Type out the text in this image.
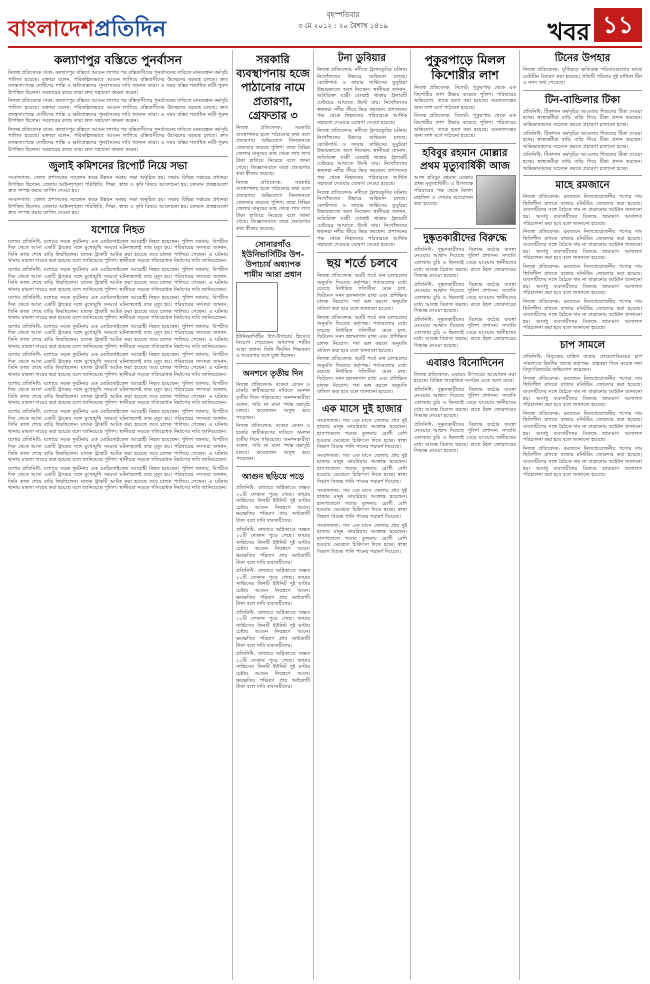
বাংলাদেশপ্রতিদিন
বৃহস্পতিবার
৩ মে ২০১২ : ২০ বৈশাখ ১৪১৯	খবর ১১
কল্যাণপুর বস্তিতে পুনর্বাসন
নিজস্ব প্রতিবেদক ঢাকা: কল্যাণপুর বস্তিতে আগুন লাগার পর বস্তিবাসীদের পুনর্বাসনের দাবিতে মানববন্ধন কর্মসূচি পালিত হয়েছে। বক্তারা বলেন, পরিকল্পিতভাবে আগুন লাগিয়ে বস্তিবাসীদের উচ্ছেদের ষড়যন্ত্র চলছে। দ্রুত তদন্তসাপেক্ষে দোষীদের শাস্তি ও ক্ষতিগ্রস্তদের পুনর্বাসনের দাবি জানান তারা। এ সময় বস্তির শতাধিক নারী-পুরুষ উপস্থিত ছিলেন। সরকারের কাছে তারা দ্রুত সহায়তা কামনা করেন।
নিজস্ব প্রতিবেদক ঢাকা: কল্যাণপুর বস্তিতে আগুন লাগার পর বস্তিবাসীদের পুনর্বাসনের দাবিতে মানববন্ধন কর্মসূচি পালিত হয়েছে। বক্তারা বলেন, পরিকল্পিতভাবে আগুন লাগিয়ে বস্তিবাসীদের উচ্ছেদের ষড়যন্ত্র চলছে। দ্রুত তদন্তসাপেক্ষে দোষীদের শাস্তি ও ক্ষতিগ্রস্তদের পুনর্বাসনের দাবি জানান তারা। এ সময় বস্তির শতাধিক নারী-পুরুষ উপস্থিত ছিলেন। সরকারের কাছে তারা দ্রুত সহায়তা কামনা করেন।
নিজস্ব প্রতিবেদক ঢাকা: কল্যাণপুর বস্তিতে আগুন লাগার পর বস্তিবাসীদের পুনর্বাসনের দাবিতে মানববন্ধন কর্মসূচি পালিত হয়েছে। বক্তারা বলেন, পরিকল্পিতভাবে আগুন লাগিয়ে বস্তিবাসীদের উচ্ছেদের ষড়যন্ত্র চলছে। দ্রুত তদন্তসাপেক্ষে দোষীদের শাস্তি ও ক্ষতিগ্রস্তদের পুনর্বাসনের দাবি জানান তারা। এ সময় বস্তির শতাধিক নারী-পুরুষ উপস্থিত ছিলেন। সরকারের কাছে তারা দ্রুত সহায়তা কামনা করেন।
জুলাই কমিশনের রিপোর্ট নিয়ে সভা
সংবাদদাতা: জেলা প্রশাসকের সম্মেলন কক্ষে উন্নয়ন সমন্বয় সভা অনুষ্ঠিত হয়। সভায় বিভিন্ন দপ্তরের প্রধানরা উপস্থিত ছিলেন। জেলার আইনশৃঙ্খলা পরিস্থিতি, শিক্ষা, স্বাস্থ্য ও কৃষি বিষয়ে আলোচনা হয়। চলমান প্রকল্পগুলো দ্রুত সম্পন্ন করার তাগিদ দেওয়া হয়।
সংবাদদাতা: জেলা প্রশাসকের সম্মেলন কক্ষে উন্নয়ন সমন্বয় সভা অনুষ্ঠিত হয়। সভায় বিভিন্ন দপ্তরের প্রধানরা উপস্থিত ছিলেন। জেলার আইনশৃঙ্খলা পরিস্থিতি, শিক্ষা, স্বাস্থ্য ও কৃষি বিষয়ে আলোচনা হয়। চলমান প্রকল্পগুলো দ্রুত সম্পন্ন করার তাগিদ দেওয়া হয়।
যশোরে নিহত
যশোর প্রতিনিধি: যশোরে সড়ক দুর্ঘটনায় এক মোটরসাইকেল আরোহী নিহত হয়েছেন। পুলিশ জানায়, বিপরীত দিক থেকে আসা একটি ট্রাকের সঙ্গে মুখোমুখি সংঘর্ষে ঘটনাস্থলেই তার মৃত্যু হয়। পরিবারের সদস্যরা জানান, তিনি কাজ শেষে বাড়ি ফিরছিলেন। ঘাতক ট্রাকটি আটক করা হয়েছে তবে চালক পালিয়ে গেছেন। এ ঘটনায় থানায় মামলা দায়ের করা হয়েছে বলে জানিয়েছে পুলিশ। স্থানীয়রা সড়কে গতিরোধক নির্মাণের দাবি জানিয়েছেন।
যশোর প্রতিনিধি: যশোরে সড়ক দুর্ঘটনায় এক মোটরসাইকেল আরোহী নিহত হয়েছেন। পুলিশ জানায়, বিপরীত দিক থেকে আসা একটি ট্রাকের সঙ্গে মুখোমুখি সংঘর্ষে ঘটনাস্থলেই তার মৃত্যু হয়। পরিবারের সদস্যরা জানান, তিনি কাজ শেষে বাড়ি ফিরছিলেন। ঘাতক ট্রাকটি আটক করা হয়েছে তবে চালক পালিয়ে গেছেন। এ ঘটনায় থানায় মামলা দায়ের করা হয়েছে বলে জানিয়েছে পুলিশ। স্থানীয়রা সড়কে গতিরোধক নির্মাণের দাবি জানিয়েছেন।
যশোর প্রতিনিধি: যশোরে সড়ক দুর্ঘটনায় এক মোটরসাইকেল আরোহী নিহত হয়েছেন। পুলিশ জানায়, বিপরীত দিক থেকে আসা একটি ট্রাকের সঙ্গে মুখোমুখি সংঘর্ষে ঘটনাস্থলেই তার মৃত্যু হয়। পরিবারের সদস্যরা জানান, তিনি কাজ শেষে বাড়ি ফিরছিলেন। ঘাতক ট্রাকটি আটক করা হয়েছে তবে চালক পালিয়ে গেছেন। এ ঘটনায় থানায় মামলা দায়ের করা হয়েছে বলে জানিয়েছে পুলিশ। স্থানীয়রা সড়কে গতিরোধক নির্মাণের দাবি জানিয়েছেন।
যশোর প্রতিনিধি: যশোরে সড়ক দুর্ঘটনায় এক মোটরসাইকেল আরোহী নিহত হয়েছেন। পুলিশ জানায়, বিপরীত দিক থেকে আসা একটি ট্রাকের সঙ্গে মুখোমুখি সংঘর্ষে ঘটনাস্থলেই তার মৃত্যু হয়। পরিবারের সদস্যরা জানান, তিনি কাজ শেষে বাড়ি ফিরছিলেন। ঘাতক ট্রাকটি আটক করা হয়েছে তবে চালক পালিয়ে গেছেন। এ ঘটনায় থানায় মামলা দায়ের করা হয়েছে বলে জানিয়েছে পুলিশ। স্থানীয়রা সড়কে গতিরোধক নির্মাণের দাবি জানিয়েছেন।
যশোর প্রতিনিধি: যশোরে সড়ক দুর্ঘটনায় এক মোটরসাইকেল আরোহী নিহত হয়েছেন। পুলিশ জানায়, বিপরীত দিক থেকে আসা একটি ট্রাকের সঙ্গে মুখোমুখি সংঘর্ষে ঘটনাস্থলেই তার মৃত্যু হয়। পরিবারের সদস্যরা জানান, তিনি কাজ শেষে বাড়ি ফিরছিলেন। ঘাতক ট্রাকটি আটক করা হয়েছে তবে চালক পালিয়ে গেছেন। এ ঘটনায় থানায় মামলা দায়ের করা হয়েছে বলে জানিয়েছে পুলিশ। স্থানীয়রা সড়কে গতিরোধক নির্মাণের দাবি জানিয়েছেন।
যশোর প্রতিনিধি: যশোরে সড়ক দুর্ঘটনায় এক মোটরসাইকেল আরোহী নিহত হয়েছেন। পুলিশ জানায়, বিপরীত দিক থেকে আসা একটি ট্রাকের সঙ্গে মুখোমুখি সংঘর্ষে ঘটনাস্থলেই তার মৃত্যু হয়। পরিবারের সদস্যরা জানান, তিনি কাজ শেষে বাড়ি ফিরছিলেন। ঘাতক ট্রাকটি আটক করা হয়েছে তবে চালক পালিয়ে গেছেন। এ ঘটনায় থানায় মামলা দায়ের করা হয়েছে বলে জানিয়েছে পুলিশ। স্থানীয়রা সড়কে গতিরোধক নির্মাণের দাবি জানিয়েছেন।
যশোর প্রতিনিধি: যশোরে সড়ক দুর্ঘটনায় এক মোটরসাইকেল আরোহী নিহত হয়েছেন। পুলিশ জানায়, বিপরীত দিক থেকে আসা একটি ট্রাকের সঙ্গে মুখোমুখি সংঘর্ষে ঘটনাস্থলেই তার মৃত্যু হয়। পরিবারের সদস্যরা জানান, তিনি কাজ শেষে বাড়ি ফিরছিলেন। ঘাতক ট্রাকটি আটক করা হয়েছে তবে চালক পালিয়ে গেছেন। এ ঘটনায় থানায় মামলা দায়ের করা হয়েছে বলে জানিয়েছে পুলিশ। স্থানীয়রা সড়কে গতিরোধক নির্মাণের দাবি জানিয়েছেন।
যশোর প্রতিনিধি: যশোরে সড়ক দুর্ঘটনায় এক মোটরসাইকেল আরোহী নিহত হয়েছেন। পুলিশ জানায়, বিপরীত দিক থেকে আসা একটি ট্রাকের সঙ্গে মুখোমুখি সংঘর্ষে ঘটনাস্থলেই তার মৃত্যু হয়। পরিবারের সদস্যরা জানান, তিনি কাজ শেষে বাড়ি ফিরছিলেন। ঘাতক ট্রাকটি আটক করা হয়েছে তবে চালক পালিয়ে গেছেন। এ ঘটনায় থানায় মামলা দায়ের করা হয়েছে বলে জানিয়েছে পুলিশ। স্থানীয়রা সড়কে গতিরোধক নির্মাণের দাবি জানিয়েছেন।
যশোর প্রতিনিধি: যশোরে সড়ক দুর্ঘটনায় এক মোটরসাইকেল আরোহী নিহত হয়েছেন। পুলিশ জানায়, বিপরীত দিক থেকে আসা একটি ট্রাকের সঙ্গে মুখোমুখি সংঘর্ষে ঘটনাস্থলেই তার মৃত্যু হয়। পরিবারের সদস্যরা জানান, তিনি কাজ শেষে বাড়ি ফিরছিলেন। ঘাতক ট্রাকটি আটক করা হয়েছে তবে চালক পালিয়ে গেছেন। এ ঘটনায় থানায় মামলা দায়ের করা হয়েছে বলে জানিয়েছে পুলিশ। স্থানীয়রা সড়কে গতিরোধক নির্মাণের দাবি জানিয়েছেন।
সরকারি ব্যবস্থাপনায় হজে পাঠানোর নামে প্রতারণা, গ্রেফতার ৩
নিজস্ব প্রতিবেদক: সরকারি ব্যবস্থাপনায় হজে পাঠানোর কথা বলে প্রতারণার অভিযোগে তিনজনকে গ্রেফতার করেছে পুলিশ। তারা বিভিন্ন জেলার মানুষের কাছ থেকে লাখ লাখ টাকা হাতিয়ে নিয়েছে বলে জানা গেছে। জিজ্ঞাসাবাদে তারা প্রতারণার কথা স্বীকার করেছে।
নিজস্ব প্রতিবেদক: সরকারি ব্যবস্থাপনায় হজে পাঠানোর কথা বলে প্রতারণার অভিযোগে তিনজনকে গ্রেফতার করেছে পুলিশ। তারা বিভিন্ন জেলার মানুষের কাছ থেকে লাখ লাখ টাকা হাতিয়ে নিয়েছে বলে জানা গেছে। জিজ্ঞাসাবাদে তারা প্রতারণার কথা স্বীকার করেছে।
সোনারগাঁও ইউনিভার্সিটির উপ-উপাচার্য অধ্যাপক শামীম আরা প্রধান
ইউনিভার্সিটির উপ-উপাচার্য হিসেবে নিয়োগ পেয়েছেন অধ্যাপক শামীম আরা প্রধান। তিনি দীর্ঘদিন শিক্ষকতা ও গবেষণার সঙ্গে যুক্ত ছিলেন।
অনশনে তৃতীয় দিন
নিজস্ব প্রতিবেদক: বকেয়া বেতন ও চাকরি স্থায়ীকরণের দাবিতে অনশন তৃতীয় দিনে গড়িয়েছে। অনশনকারীরা বলেন, দাবি না মানা পর্যন্ত কর্মসূচি চলবে। কয়েকজন অসুস্থ হয়ে পড়েছেন।
নিজস্ব প্রতিবেদক: বকেয়া বেতন ও চাকরি স্থায়ীকরণের দাবিতে অনশন তৃতীয় দিনে গড়িয়েছে। অনশনকারীরা বলেন, দাবি না মানা পর্যন্ত কর্মসূচি চলবে। কয়েকজন অসুস্থ হয়ে পড়েছেন।
আগুন ছড়িয়ে পড়ে
প্রতিনিধি: বাজারে অগ্নিকাণ্ডে অন্তত ২০টি দোকান পুড়ে গেছে। ফায়ার সার্ভিসের তিনটি ইউনিট দুই ঘণ্টার চেষ্টায় আগুন নিয়ন্ত্রণে আনে। ক্ষয়ক্ষতির পরিমাণ প্রায় অর্ধকোটি টাকা বলে দাবি ব্যবসায়ীদের।
প্রতিনিধি: বাজারে অগ্নিকাণ্ডে অন্তত ২০টি দোকান পুড়ে গেছে। ফায়ার সার্ভিসের তিনটি ইউনিট দুই ঘণ্টার চেষ্টায় আগুন নিয়ন্ত্রণে আনে। ক্ষয়ক্ষতির পরিমাণ প্রায় অর্ধকোটি টাকা বলে দাবি ব্যবসায়ীদের।
প্রতিনিধি: বাজারে অগ্নিকাণ্ডে অন্তত ২০টি দোকান পুড়ে গেছে। ফায়ার সার্ভিসের তিনটি ইউনিট দুই ঘণ্টার চেষ্টায় আগুন নিয়ন্ত্রণে আনে। ক্ষয়ক্ষতির পরিমাণ প্রায় অর্ধকোটি টাকা বলে দাবি ব্যবসায়ীদের।
প্রতিনিধি: বাজারে অগ্নিকাণ্ডে অন্তত ২০টি দোকান পুড়ে গেছে। ফায়ার সার্ভিসের তিনটি ইউনিট দুই ঘণ্টার চেষ্টায় আগুন নিয়ন্ত্রণে আনে। ক্ষয়ক্ষতির পরিমাণ প্রায় অর্ধকোটি টাকা বলে দাবি ব্যবসায়ীদের।
প্রতিনিধি: বাজারে অগ্নিকাণ্ডে অন্তত ২০টি দোকান পুড়ে গেছে। ফায়ার সার্ভিসের তিনটি ইউনিট দুই ঘণ্টার চেষ্টায় আগুন নিয়ন্ত্রণে আনে। ক্ষয়ক্ষতির পরিমাণ প্রায় অর্ধকোটি টাকা বলে দাবি ব্যবসায়ীদের।
টনা ডুবিয়ার
নিজস্ব প্রতিবেদক: নদীতে ট্রলারডুবির ঘটনায় নিখোঁজদের উদ্ধারে অভিযান চলছে। কোস্টগার্ড ও ফায়ার সার্ভিসের ডুবুরিরা উদ্ধারকাজে অংশ নিচ্ছেন। স্থানীয়রা জানান, অতিরিক্ত যাত্রী বোঝাই থাকায় ট্রলারটি ঢেউয়ের আঘাতে উল্টে যায়। নিখোঁজদের স্বজনরা নদীর তীরে ভিড় করছেন। প্রশাসনের পক্ষ থেকে নিহতদের পরিবারকে আর্থিক সহায়তা দেওয়ার ঘোষণা দেওয়া হয়েছে।
নিজস্ব প্রতিবেদক: নদীতে ট্রলারডুবির ঘটনায় নিখোঁজদের উদ্ধারে অভিযান চলছে। কোস্টগার্ড ও ফায়ার সার্ভিসের ডুবুরিরা উদ্ধারকাজে অংশ নিচ্ছেন। স্থানীয়রা জানান, অতিরিক্ত যাত্রী বোঝাই থাকায় ট্রলারটি ঢেউয়ের আঘাতে উল্টে যায়। নিখোঁজদের স্বজনরা নদীর তীরে ভিড় করছেন। প্রশাসনের পক্ষ থেকে নিহতদের পরিবারকে আর্থিক সহায়তা দেওয়ার ঘোষণা দেওয়া হয়েছে।
নিজস্ব প্রতিবেদক: নদীতে ট্রলারডুবির ঘটনায় নিখোঁজদের উদ্ধারে অভিযান চলছে। কোস্টগার্ড ও ফায়ার সার্ভিসের ডুবুরিরা উদ্ধারকাজে অংশ নিচ্ছেন। স্থানীয়রা জানান, অতিরিক্ত যাত্রী বোঝাই থাকায় ট্রলারটি ঢেউয়ের আঘাতে উল্টে যায়। নিখোঁজদের স্বজনরা নদীর তীরে ভিড় করছেন। প্রশাসনের পক্ষ থেকে নিহতদের পরিবারকে আর্থিক সহায়তা দেওয়ার ঘোষণা দেওয়া হয়েছে।
ছয় শর্তে চলবে
নিজস্ব প্রতিবেদক: ছয়টি শর্তে যান চলাচলের অনুমতি দিয়েছে কর্তৃপক্ষ। শর্তগুলোর মধ্যে রয়েছে নির্ধারিত গতিসীমা মেনে চলা, ফিটনেস সনদ হালনাগাদ রাখা এবং প্রশিক্ষিত চালক নিয়োগ। শর্ত ভঙ্গ করলে অনুমতি বাতিল করা হবে বলে জানানো হয়েছে।
নিজস্ব প্রতিবেদক: ছয়টি শর্তে যান চলাচলের অনুমতি দিয়েছে কর্তৃপক্ষ। শর্তগুলোর মধ্যে রয়েছে নির্ধারিত গতিসীমা মেনে চলা, ফিটনেস সনদ হালনাগাদ রাখা এবং প্রশিক্ষিত চালক নিয়োগ। শর্ত ভঙ্গ করলে অনুমতি বাতিল করা হবে বলে জানানো হয়েছে।
নিজস্ব প্রতিবেদক: ছয়টি শর্তে যান চলাচলের অনুমতি দিয়েছে কর্তৃপক্ষ। শর্তগুলোর মধ্যে রয়েছে নির্ধারিত গতিসীমা মেনে চলা, ফিটনেস সনদ হালনাগাদ রাখা এবং প্রশিক্ষিত চালক নিয়োগ। শর্ত ভঙ্গ করলে অনুমতি বাতিল করা হবে বলে জানানো হয়েছে।
এক মাসে দুই হাজার
সংবাদদাতা: গত এক মাসে জেলায় প্রায় দুই হাজার মানুষ ডায়রিয়ায় আক্রান্ত হয়েছেন। হাসপাতালে শয্যার তুলনায় রোগী বেশি হওয়ায় মেঝেতে চিকিৎসা দিতে হচ্ছে। স্বাস্থ্য বিভাগ বিশুদ্ধ পানি পানের পরামর্শ দিয়েছে।
সংবাদদাতা: গত এক মাসে জেলায় প্রায় দুই হাজার মানুষ ডায়রিয়ায় আক্রান্ত হয়েছেন। হাসপাতালে শয্যার তুলনায় রোগী বেশি হওয়ায় মেঝেতে চিকিৎসা দিতে হচ্ছে। স্বাস্থ্য বিভাগ বিশুদ্ধ পানি পানের পরামর্শ দিয়েছে।
সংবাদদাতা: গত এক মাসে জেলায় প্রায় দুই হাজার মানুষ ডায়রিয়ায় আক্রান্ত হয়েছেন। হাসপাতালে শয্যার তুলনায় রোগী বেশি হওয়ায় মেঝেতে চিকিৎসা দিতে হচ্ছে। স্বাস্থ্য বিভাগ বিশুদ্ধ পানি পানের পরামর্শ দিয়েছে।
সংবাদদাতা: গত এক মাসে জেলায় প্রায় দুই হাজার মানুষ ডায়রিয়ায় আক্রান্ত হয়েছেন। হাসপাতালে শয্যার তুলনায় রোগী বেশি হওয়ায় মেঝেতে চিকিৎসা দিতে হচ্ছে। স্বাস্থ্য বিভাগ বিশুদ্ধ পানি পানের পরামর্শ দিয়েছে।
পুকুরপাড়ে মিলল কিশোরীর লাশ
নিজস্ব প্রতিবেদক, সিলেট: পুকুরপাড় থেকে এক কিশোরীর লাশ উদ্ধার করেছে পুলিশ। পরিবারের অভিযোগ, তাকে হত্যা করা হয়েছে। ময়নাতদন্তের জন্য লাশ মর্গে পাঠানো হয়েছে।
নিজস্ব প্রতিবেদক, সিলেট: পুকুরপাড় থেকে এক কিশোরীর লাশ উদ্ধার করেছে পুলিশ। পরিবারের অভিযোগ, তাকে হত্যা করা হয়েছে। ময়নাতদন্তের জন্য লাশ মর্গে পাঠানো হয়েছে।
হবিবুর রহমান মোল্লার প্রথম মৃত্যুবার্ষিকী আজ
আজ হবিবুর রহমান মোল্লার প্রথম মৃত্যুবার্ষিকী। এ উপলক্ষে পরিবারের পক্ষ থেকে মিলাদ মাহফিল ও দোয়ার আয়োজন করা হয়েছে।
দুষ্কৃতকারীদের বিরুদ্ধে
প্রতিনিধি: দুষ্কৃতকারীদের বিরুদ্ধে কঠোর ব্যবস্থা নেওয়ার আশ্বাস দিয়েছে পুলিশ প্রশাসন। সম্প্রতি এলাকায় চুরি ও ছিনতাই বেড়ে যাওয়ায় স্থানীয়দের মধ্যে আতঙ্ক বিরাজ করছে। রাতে টহল জোরদারের সিদ্ধান্ত নেওয়া হয়েছে।
প্রতিনিধি: দুষ্কৃতকারীদের বিরুদ্ধে কঠোর ব্যবস্থা নেওয়ার আশ্বাস দিয়েছে পুলিশ প্রশাসন। সম্প্রতি এলাকায় চুরি ও ছিনতাই বেড়ে যাওয়ায় স্থানীয়দের মধ্যে আতঙ্ক বিরাজ করছে। রাতে টহল জোরদারের সিদ্ধান্ত নেওয়া হয়েছে।
প্রতিনিধি: দুষ্কৃতকারীদের বিরুদ্ধে কঠোর ব্যবস্থা নেওয়ার আশ্বাস দিয়েছে পুলিশ প্রশাসন। সম্প্রতি এলাকায় চুরি ও ছিনতাই বেড়ে যাওয়ায় স্থানীয়দের মধ্যে আতঙ্ক বিরাজ করছে। রাতে টহল জোরদারের সিদ্ধান্ত নেওয়া হয়েছে।
এবারও বিনোদিনেন
নিজস্ব প্রতিবেদক: এবারও উৎসবের আয়োজন করা হয়েছে। বিভিন্ন সাংস্কৃতিক সংগঠন এতে অংশ নেবে।
প্রতিনিধি: দুষ্কৃতকারীদের বিরুদ্ধে কঠোর ব্যবস্থা নেওয়ার আশ্বাস দিয়েছে পুলিশ প্রশাসন। সম্প্রতি এলাকায় চুরি ও ছিনতাই বেড়ে যাওয়ায় স্থানীয়দের মধ্যে আতঙ্ক বিরাজ করছে। রাতে টহল জোরদারের সিদ্ধান্ত নেওয়া হয়েছে।
প্রতিনিধি: দুষ্কৃতকারীদের বিরুদ্ধে কঠোর ব্যবস্থা নেওয়ার আশ্বাস দিয়েছে পুলিশ প্রশাসন। সম্প্রতি এলাকায় চুরি ও ছিনতাই বেড়ে যাওয়ায় স্থানীয়দের মধ্যে আতঙ্ক বিরাজ করছে। রাতে টহল জোরদারের সিদ্ধান্ত নেওয়া হয়েছে।
টিনের উপহার
নিজস্ব প্রতিবেদক: ঘূর্ণিঝড়ে ক্ষতিগ্রস্ত পরিবারগুলোর মাঝে ঢেউটিন বিতরণ করা হয়েছে। প্রতিটি পরিবার দুই বান্ডিল টিন ও নগদ অর্থ পেয়েছে।
টিন-বান্ডিলার টিকা
প্রতিনিধি: টিকাদান কর্মসূচির আওতায় শিশুদের টিকা দেওয়া হচ্ছে। স্বাস্থ্যকর্মীরা বাড়ি বাড়ি গিয়ে টিকা প্রদান করছেন। অভিভাবকদের সচেতন করতে প্রচারণা চালানো হচ্ছে।
প্রতিনিধি: টিকাদান কর্মসূচির আওতায় শিশুদের টিকা দেওয়া হচ্ছে। স্বাস্থ্যকর্মীরা বাড়ি বাড়ি গিয়ে টিকা প্রদান করছেন। অভিভাবকদের সচেতন করতে প্রচারণা চালানো হচ্ছে।
প্রতিনিধি: টিকাদান কর্মসূচির আওতায় শিশুদের টিকা দেওয়া হচ্ছে। স্বাস্থ্যকর্মীরা বাড়ি বাড়ি গিয়ে টিকা প্রদান করছেন। অভিভাবকদের সচেতন করতে প্রচারণা চালানো হচ্ছে।
মাহে রমজানে
নিজস্ব প্রতিবেদক: রমজানে নিত্যপ্রয়োজনীয় পণ্যের দাম স্থিতিশীল রাখতে বাজার মনিটরিং জোরদার করা হয়েছে। ব্যবসায়ীদের সঙ্গে বৈঠকে দাম না বাড়ানোর আহ্বান জানানো হয়। অসাধু ব্যবসায়ীদের বিরুদ্ধে ভ্রাম্যমাণ আদালত পরিচালনা করা হবে বলে জানানো হয়েছে।
নিজস্ব প্রতিবেদক: রমজানে নিত্যপ্রয়োজনীয় পণ্যের দাম স্থিতিশীল রাখতে বাজার মনিটরিং জোরদার করা হয়েছে। ব্যবসায়ীদের সঙ্গে বৈঠকে দাম না বাড়ানোর আহ্বান জানানো হয়। অসাধু ব্যবসায়ীদের বিরুদ্ধে ভ্রাম্যমাণ আদালত পরিচালনা করা হবে বলে জানানো হয়েছে।
নিজস্ব প্রতিবেদক: রমজানে নিত্যপ্রয়োজনীয় পণ্যের দাম স্থিতিশীল রাখতে বাজার মনিটরিং জোরদার করা হয়েছে। ব্যবসায়ীদের সঙ্গে বৈঠকে দাম না বাড়ানোর আহ্বান জানানো হয়। অসাধু ব্যবসায়ীদের বিরুদ্ধে ভ্রাম্যমাণ আদালত পরিচালনা করা হবে বলে জানানো হয়েছে।
নিজস্ব প্রতিবেদক: রমজানে নিত্যপ্রয়োজনীয় পণ্যের দাম স্থিতিশীল রাখতে বাজার মনিটরিং জোরদার করা হয়েছে। ব্যবসায়ীদের সঙ্গে বৈঠকে দাম না বাড়ানোর আহ্বান জানানো হয়। অসাধু ব্যবসায়ীদের বিরুদ্ধে ভ্রাম্যমাণ আদালত পরিচালনা করা হবে বলে জানানো হয়েছে।
চাপ সামলে
প্রতিনিধি: বিদ্যুতের চাহিদা বাড়ায় লোডশেডিংয়ের চাপ সামলাতে হিমশিম খাচ্ছে কর্তৃপক্ষ। গ্রাহকরা দিনে কয়েক দফা বিদ্যুৎবিভ্রাটের অভিযোগ করেছেন।
নিজস্ব প্রতিবেদক: রমজানে নিত্যপ্রয়োজনীয় পণ্যের দাম স্থিতিশীল রাখতে বাজার মনিটরিং জোরদার করা হয়েছে। ব্যবসায়ীদের সঙ্গে বৈঠকে দাম না বাড়ানোর আহ্বান জানানো হয়। অসাধু ব্যবসায়ীদের বিরুদ্ধে ভ্রাম্যমাণ আদালত পরিচালনা করা হবে বলে জানানো হয়েছে।
নিজস্ব প্রতিবেদক: রমজানে নিত্যপ্রয়োজনীয় পণ্যের দাম স্থিতিশীল রাখতে বাজার মনিটরিং জোরদার করা হয়েছে। ব্যবসায়ীদের সঙ্গে বৈঠকে দাম না বাড়ানোর আহ্বান জানানো হয়। অসাধু ব্যবসায়ীদের বিরুদ্ধে ভ্রাম্যমাণ আদালত পরিচালনা করা হবে বলে জানানো হয়েছে।
নিজস্ব প্রতিবেদক: রমজানে নিত্যপ্রয়োজনীয় পণ্যের দাম স্থিতিশীল রাখতে বাজার মনিটরিং জোরদার করা হয়েছে। ব্যবসায়ীদের সঙ্গে বৈঠকে দাম না বাড়ানোর আহ্বান জানানো হয়। অসাধু ব্যবসায়ীদের বিরুদ্ধে ভ্রাম্যমাণ আদালত পরিচালনা করা হবে বলে জানানো হয়েছে।
